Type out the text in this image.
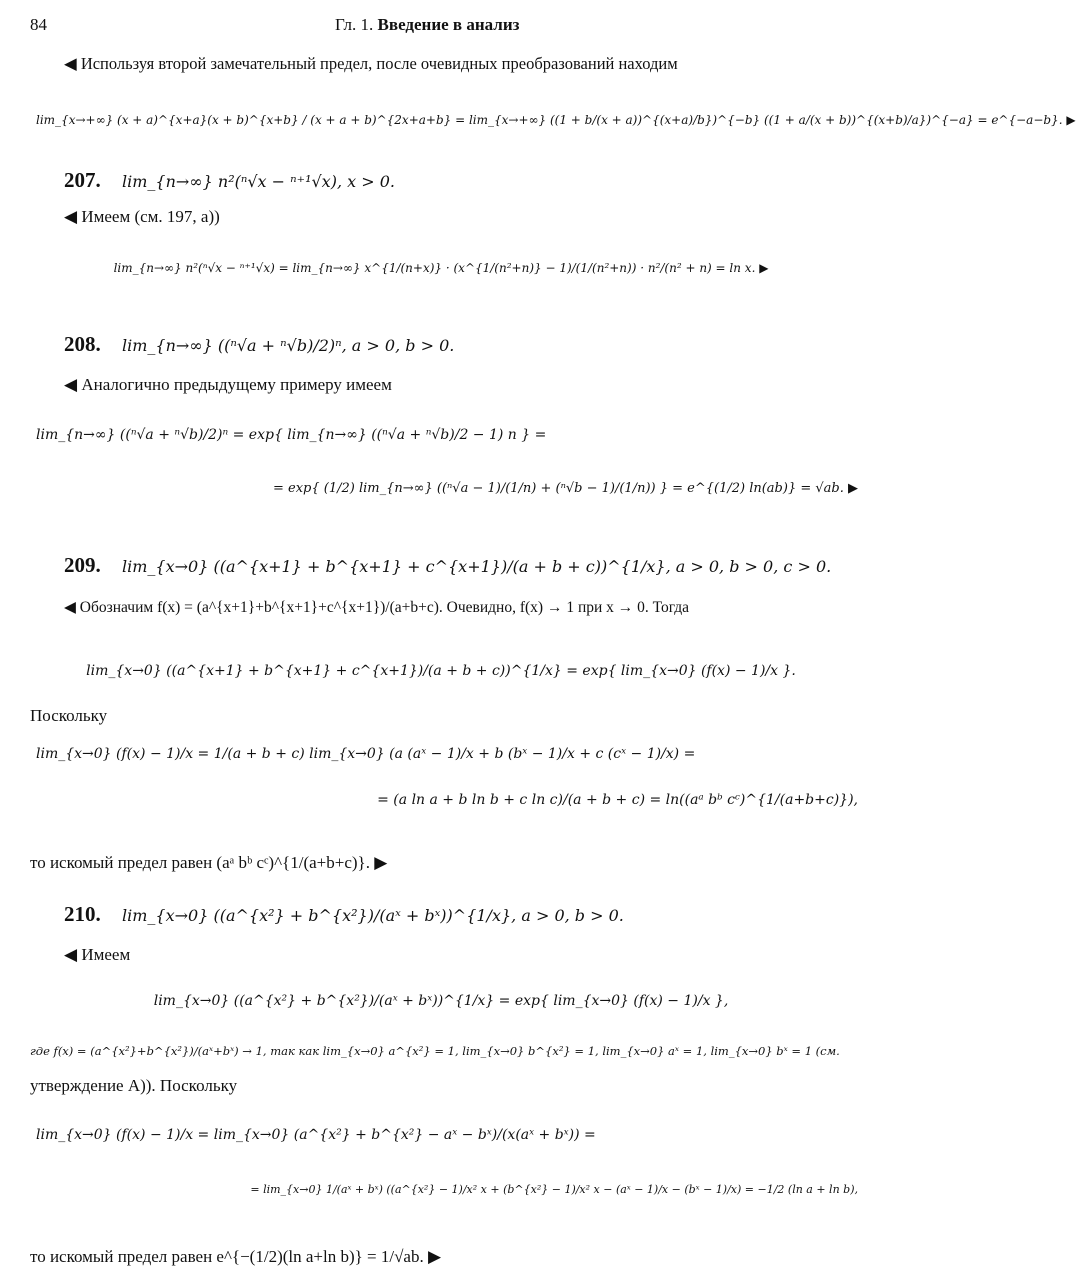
84	Гл. 1. Введение в анализ
◀ Используя второй замечательный предел, после очевидных преобразований находим
lim_{x→+∞} (x + a)^{x+a}(x + b)^{x+b} / (x + a + b)^{2x+a+b} = lim_{x→+∞} ((1 + b/(x + a))^{(x+a)/b})^{−b} ((1 + a/(x + b))^{(x+b)/a})^{−a} = e^{−a−b}. ▶
207. lim_{n→∞} n²(ⁿ√x − ⁿ⁺¹√x), x > 0.
◀ Имеем (см. 197, а))
lim_{n→∞} n²(ⁿ√x − ⁿ⁺¹√x) = lim_{n→∞} x^{1/(n+x)} · (x^{1/(n²+n)} − 1)/(1/(n²+n)) · n²/(n² + n) = ln x. ▶
208. lim_{n→∞} ((ⁿ√a + ⁿ√b)/2)ⁿ, a > 0, b > 0.
◀ Аналогично предыдущему примеру имеем
lim_{n→∞} ((ⁿ√a + ⁿ√b)/2)ⁿ = exp{ lim_{n→∞} ((ⁿ√a + ⁿ√b)/2 − 1) n } =
= exp{ (1/2) lim_{n→∞} ((ⁿ√a − 1)/(1/n) + (ⁿ√b − 1)/(1/n)) } = e^{(1/2) ln(ab)} = √ab. ▶
209. lim_{x→0} ((a^{x+1} + b^{x+1} + c^{x+1})/(a + b + c))^{1/x}, a > 0, b > 0, c > 0.
◀ Обозначим f(x) = (a^{x+1}+b^{x+1}+c^{x+1})/(a+b+c). Очевидно, f(x) → 1 при x → 0. Тогда
lim_{x→0} ((a^{x+1} + b^{x+1} + c^{x+1})/(a + b + c))^{1/x} = exp{ lim_{x→0} (f(x) − 1)/x }.
Поскольку
lim_{x→0} (f(x) − 1)/x = 1/(a + b + c) lim_{x→0} (a (aˣ − 1)/x + b (bˣ − 1)/x + c (cˣ − 1)/x) =
= (a ln a + b ln b + c ln c)/(a + b + c) = ln((aᵃ bᵇ cᶜ)^{1/(a+b+c)}),
то искомый предел равен (aᵃ bᵇ cᶜ)^{1/(a+b+c)}. ▶
210. lim_{x→0} ((a^{x²} + b^{x²})/(aˣ + bˣ))^{1/x}, a > 0, b > 0.
◀ Имеем
lim_{x→0} ((a^{x²} + b^{x²})/(aˣ + bˣ))^{1/x} = exp{ lim_{x→0} (f(x) − 1)/x },
где f(x) = (a^{x²}+b^{x²})/(aˣ+bˣ) → 1, так как lim_{x→0} a^{x²} = 1, lim_{x→0} b^{x²} = 1, lim_{x→0} aˣ = 1, lim_{x→0} bˣ = 1 (см.
утверждение А)). Поскольку
lim_{x→0} (f(x) − 1)/x = lim_{x→0} (a^{x²} + b^{x²} − aˣ − bˣ)/(x(aˣ + bˣ)) =
= lim_{x→0} 1/(aˣ + bˣ) ((a^{x²} − 1)/x² x + (b^{x²} − 1)/x² x − (aˣ − 1)/x − (bˣ − 1)/x) = −1/2 (ln a + ln b),
то искомый предел равен e^{−(1/2)(ln a+ln b)} = 1/√ab. ▶
